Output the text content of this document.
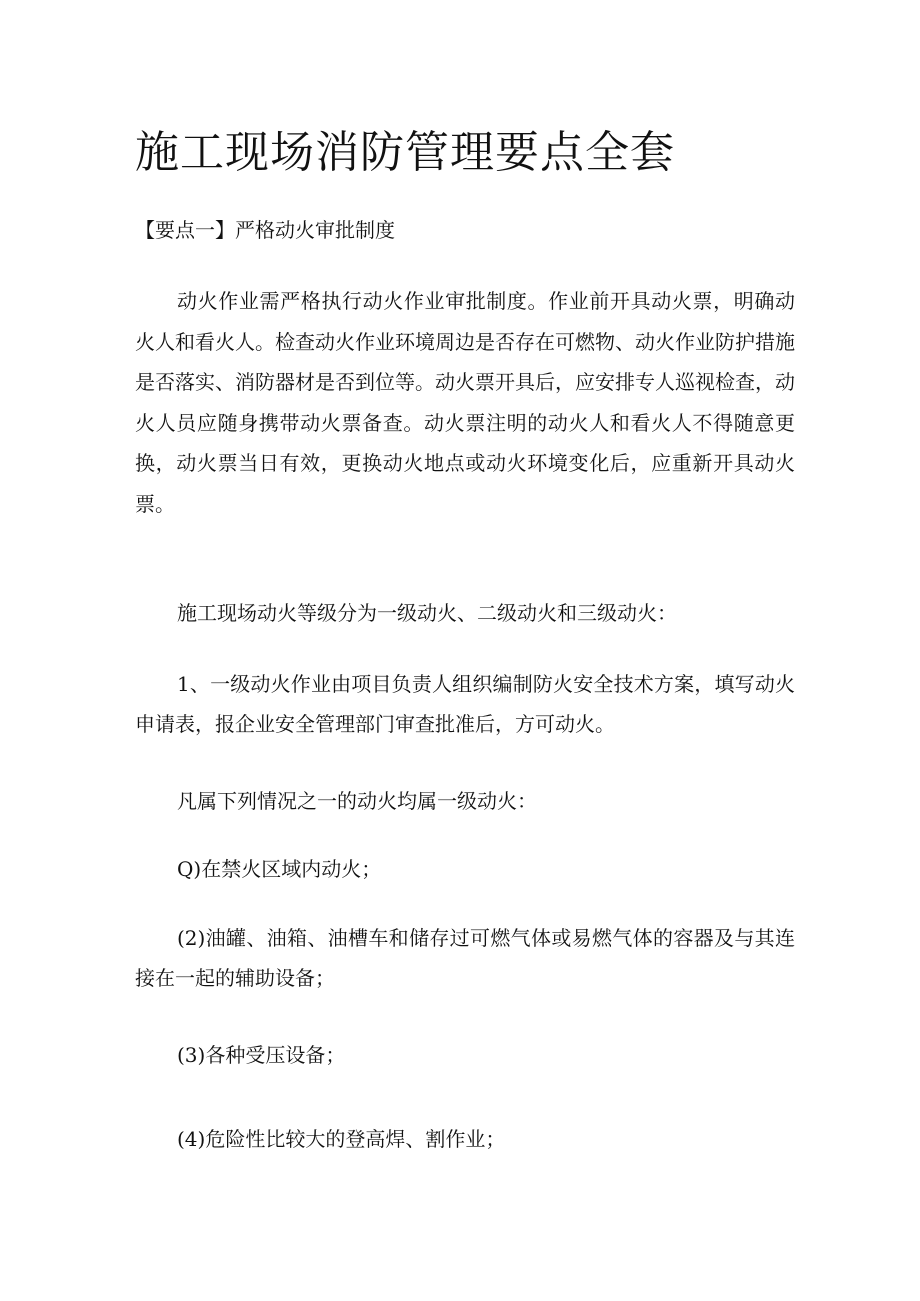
施工现场消防管理要点全套
【要点一】严格动火审批制度

动火作业需严格执行动火作业审批制度。作业前开具动火票，明确动火人和看火人。检查动火作业环境周边是否存在可燃物、动火作业防护措施是否落实、消防器材是否到位等。动火票开具后，应安排专人巡视检查，动火人员应随身携带动火票备查。动火票注明的动火人和看火人不得随意更换，动火票当日有效，更换动火地点或动火环境变化后，应重新开具动火票。

施工现场动火等级分为一级动火、二级动火和三级动火：

1、一级动火作业由项目负责人组织编制防火安全技术方案，填写动火申请表，报企业安全管理部门审查批准后，方可动火。

凡属下列情况之一的动火均属一级动火：

Q)在禁火区域内动火；

(2)油罐、油箱、油槽车和储存过可燃气体或易燃气体的容器及与其连接在一起的辅助设备；

(3)各种受压设备；

(4)危险性比较大的登高焊、割作业；
